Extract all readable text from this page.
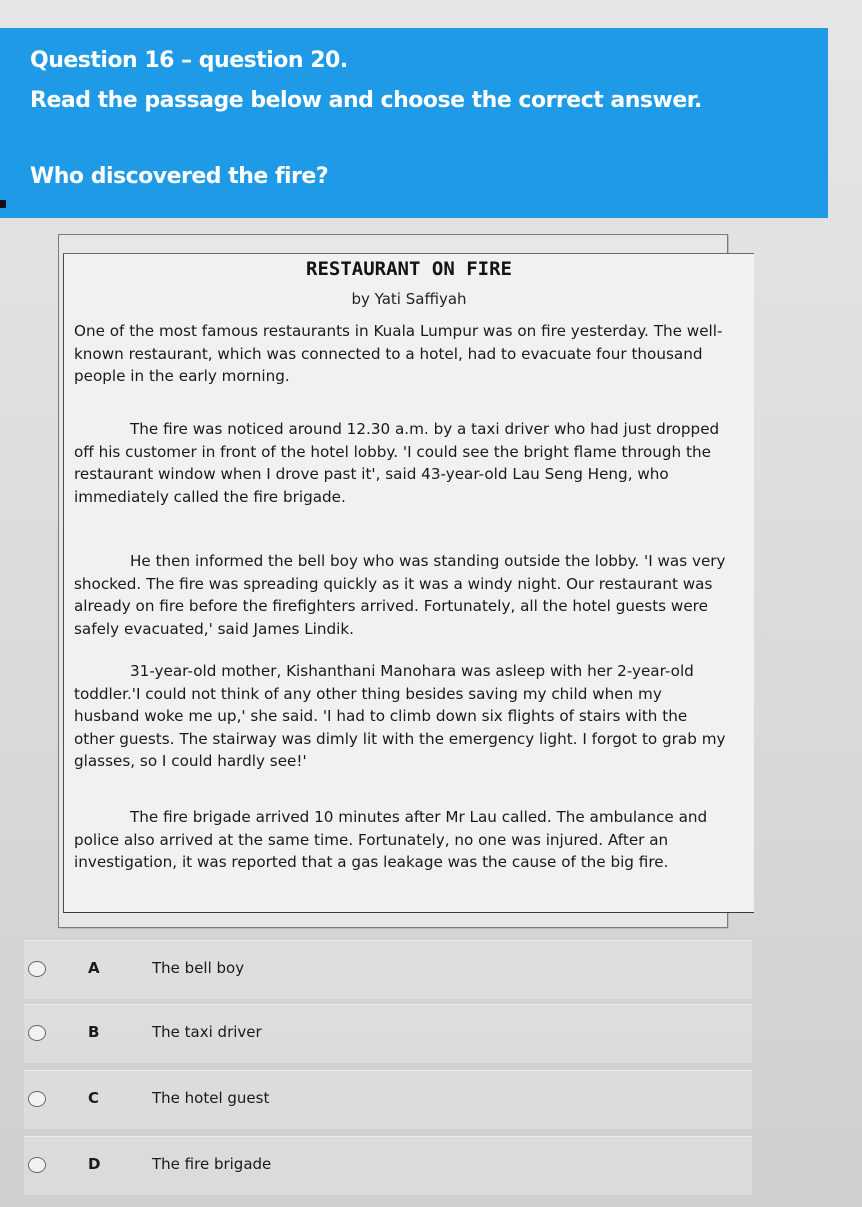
Question 16 – question 20.
Read the passage below and choose the correct answer.
Who discovered the fire?
RESTAURANT ON FIRE
by Yati Saffiyah

One of the most famous restaurants in Kuala Lumpur was on fire yesterday. The well-known restaurant, which was connected to a hotel, had to evacuate four thousand people in the early morning.

The fire was noticed around 12.30 a.m. by a taxi driver who had just dropped off his customer in front of the hotel lobby. 'I could see the bright flame through the restaurant window when I drove past it', said 43-year-old Lau Seng Heng, who immediately called the fire brigade.

He then informed the bell boy who was standing outside the lobby. 'I was very shocked. The fire was spreading quickly as it was a windy night. Our restaurant was already on fire before the firefighters arrived. Fortunately, all the hotel guests were safely evacuated,' said James Lindik.

31-year-old mother, Kishanthani Manohara was asleep with her 2-year-old toddler.'I could not think of any other thing besides saving my child when my husband woke me up,' she said. 'I had to climb down six flights of stairs with the other guests. The stairway was dimly lit with the emergency light. I forgot to grab my glasses, so I could hardly see!'

The fire brigade arrived 10 minutes after Mr Lau called. The ambulance and police also arrived at the same time. Fortunately, no one was injured. After an investigation, it was reported that a gas leakage was the cause of the big fire.

A	The bell boy
B	The taxi driver
C	The hotel guest
D	The fire brigade
